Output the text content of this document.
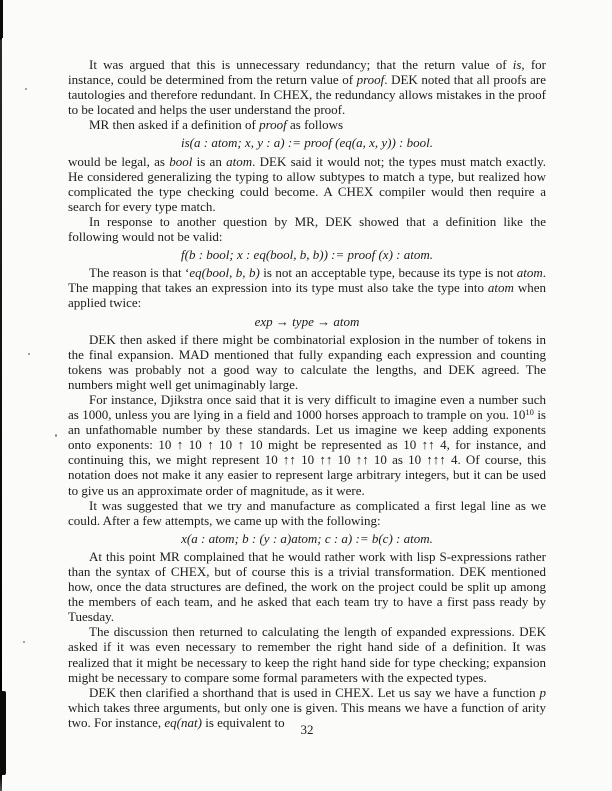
It was argued that this is unnecessary redundancy; that the return value of is, for instance, could be determined from the return value of proof. DEK noted that all proofs are tautologies and therefore redundant. In CHEX, the redundancy allows mistakes in the proof to be located and helps the user understand the proof.

MR then asked if a definition of proof as follows

is(a : atom; x, y : a) := proof (eq(a, x, y)) : bool.

would be legal, as bool is an atom. DEK said it would not; the types must match exactly. He considered generalizing the typing to allow subtypes to match a type, but realized how complicated the type checking could become. A CHEX compiler would then require a search for every type match.

In response to another question by MR, DEK showed that a definition like the following would not be valid:

f(b : bool; x : eq(bool, b, b)) := proof (x) : atom.

The reason is that ‘eq(bool, b, b) is not an acceptable type, because its type is not atom. The mapping that takes an expression into its type must also take the type into atom when applied twice:

exp → type → atom

DEK then asked if there might be combinatorial explosion in the number of tokens in the final expansion. MAD mentioned that fully expanding each expression and counting tokens was probably not a good way to calculate the lengths, and DEK agreed. The numbers might well get unimaginably large.

For instance, Djikstra once said that it is very difficult to imagine even a number such as 1000, unless you are lying in a field and 1000 horses approach to trample on you. $10^{10}$ is an unfathomable number by these standards. Let us imagine we keep adding exponents onto exponents: 10 ↑ 10 ↑ 10 ↑ 10 might be represented as 10 ↑↑ 4, for instance, and continuing this, we might represent 10 ↑↑ 10 ↑↑ 10 ↑↑ 10 as 10 ↑↑↑ 4. Of course, this notation does not make it any easier to represent large arbitrary integers, but it can be used to give us an approximate order of magnitude, as it were.

It was suggested that we try and manufacture as complicated a first legal line as we could. After a few attempts, we came up with the following:

x(a : atom; b : (y : a)atom; c : a) := b(c) : atom.

At this point MR complained that he would rather work with lisp S-expressions rather than the syntax of CHEX, but of course this is a trivial transformation. DEK mentioned how, once the data structures are defined, the work on the project could be split up among the members of each team, and he asked that each team try to have a first pass ready by Tuesday.

The discussion then returned to calculating the length of expanded expressions. DEK asked if it was even necessary to remember the right hand side of a definition. It was realized that it might be necessary to keep the right hand side for type checking; expansion might be necessary to compare some formal parameters with the expected types.

DEK then clarified a shorthand that is used in CHEX. Let us say we have a function p which takes three arguments, but only one is given. This means we have a function of arity two. For instance, eq(nat) is equivalent to	32
